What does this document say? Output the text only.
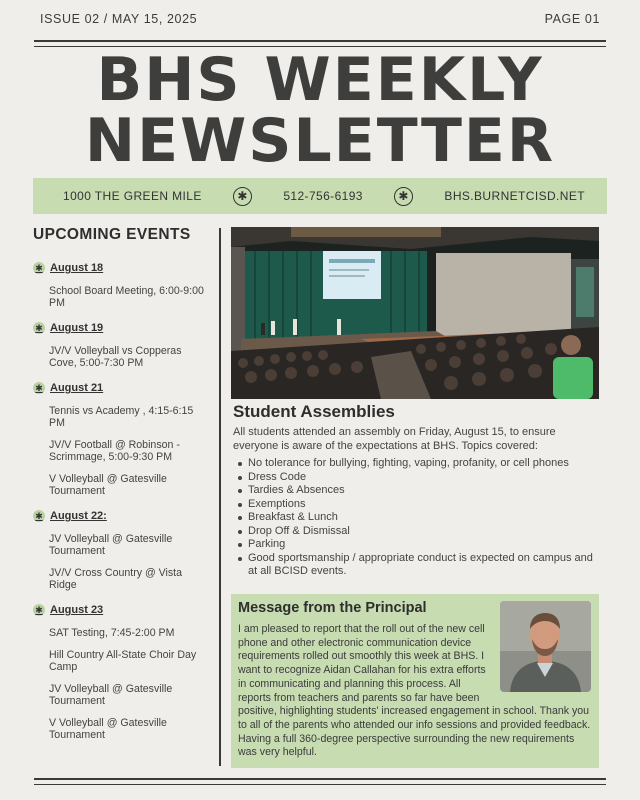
ISSUE 02 / MAY 15, 2025	PAGE 01
BHS WEEKLY
NEWSLETTER
1000 THE GREEN MILE	✱	512-756-6193	✱	BHS.BURNETCISD.NET
UPCOMING EVENTS
✱ August 18
School Board Meeting, 6:00-9:00 PM
✱ August 19
JV/V Volleyball vs Copperas Cove, 5:00-7:30 PM
✱ August 21
Tennis vs Academy , 4:15-6:15 PM
JV/V Football @ Robinson - Scrimmage, 5:00-9:30 PM
V Volleyball @ Gatesville Tournament
✱ August 22:
JV Volleyball @ Gatesville Tournament
JV/V Cross Country @ Vista Ridge
✱ August 23
SAT Testing, 7:45-2:00 PM
Hill Country All-State Choir Day Camp
JV Volleyball @ Gatesville Tournament
V Volleyball @ Gatesville Tournament
Student Assemblies

All students attended an assembly on Friday, August 15, to ensure everyone is aware of the expectations at BHS. Topics covered:

No tolerance for bullying, fighting, vaping, profanity, or cell phones
Dress Code
Tardies & Absences
Exemptions
Breakfast & Lunch
Drop Off & Dismissal
Parking
Good sportsmanship / appropriate conduct is expected on campus and at all BCISD events.
Message from the Principal

I am pleased to report that the roll out of the new cell phone and other electronic communication device requirements rolled out smoothly this week at BHS. I want to recognize Aidan Callahan for his extra efforts in communicating and planning this process. All reports from teachers and parents so far have been positive, highlighting students' increased engagement in school. Thank you to all of the parents who attended our info sessions and provided feedback. Having a full 360-degree perspective surrounding the new requirements was very helpful.
